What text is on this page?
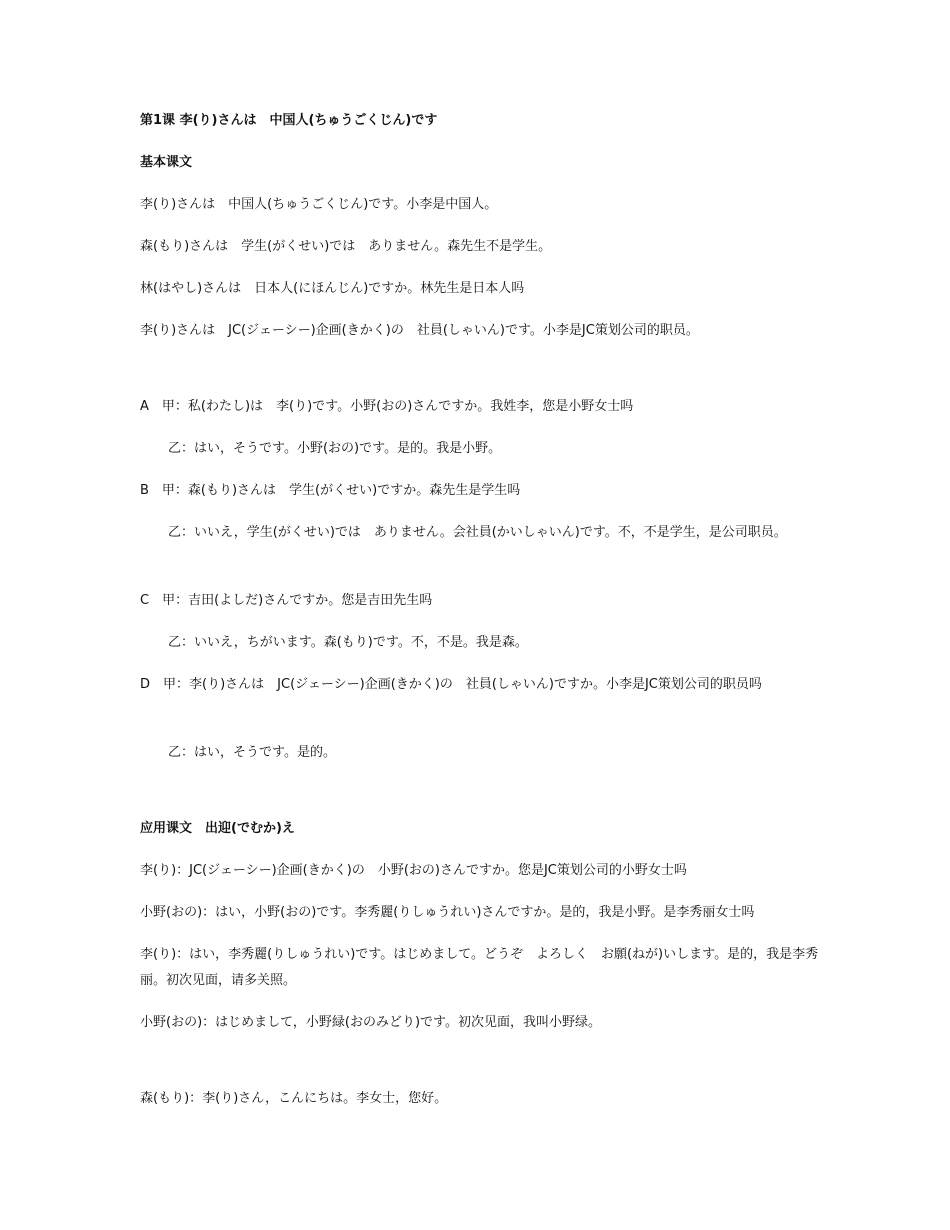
第1课 李(り)さんは　中国人(ちゅうごくじん)です
基本课文
李(り)さんは　中国人(ちゅうごくじん)です。小李是中国人。
森(もり)さんは　学生(がくせい)では　ありません。森先生不是学生。
林(はやし)さんは　日本人(にほんじん)ですか。林先生是日本人吗
李(り)さんは　JC(ジェーシー)企画(きかく)の　社員(しゃいん)です。小李是JC策划公司的职员。
A　甲：私(わたし)は　李(り)です。小野(おの)さんですか。我姓李，您是小野女士吗
乙：はい，そうです。小野(おの)です。是的。我是小野。
B　甲：森(もり)さんは　学生(がくせい)ですか。森先生是学生吗
乙：いいえ，学生(がくせい)では　ありません。会社員(かいしゃいん)です。不，不是学生，是公司职员。
C　甲：吉田(よしだ)さんですか。您是吉田先生吗
乙：いいえ，ちがいます。森(もり)です。不，不是。我是森。
D　甲：李(り)さんは　JC(ジェーシー)企画(きかく)の　社員(しゃいん)ですか。小李是JC策划公司的职员吗
乙：はい，そうです。是的。
应用课文　出迎(でむか)え
李(り)：JC(ジェーシー)企画(きかく)の　小野(おの)さんですか。您是JC策划公司的小野女士吗
小野(おの)：はい，小野(おの)です。李秀麗(りしゅうれい)さんですか。是的，我是小野。是李秀丽女士吗
李(り)：はい，李秀麗(りしゅうれい)です。はじめまして。どうぞ　よろしく　お願(ねが)いします。是的，我是李秀丽。初次见面，请多关照。
小野(おの)：はじめまして，小野緑(おのみどり)です。初次见面，我叫小野绿。
森(もり)：李(り)さん，こんにちは。李女士，您好。
